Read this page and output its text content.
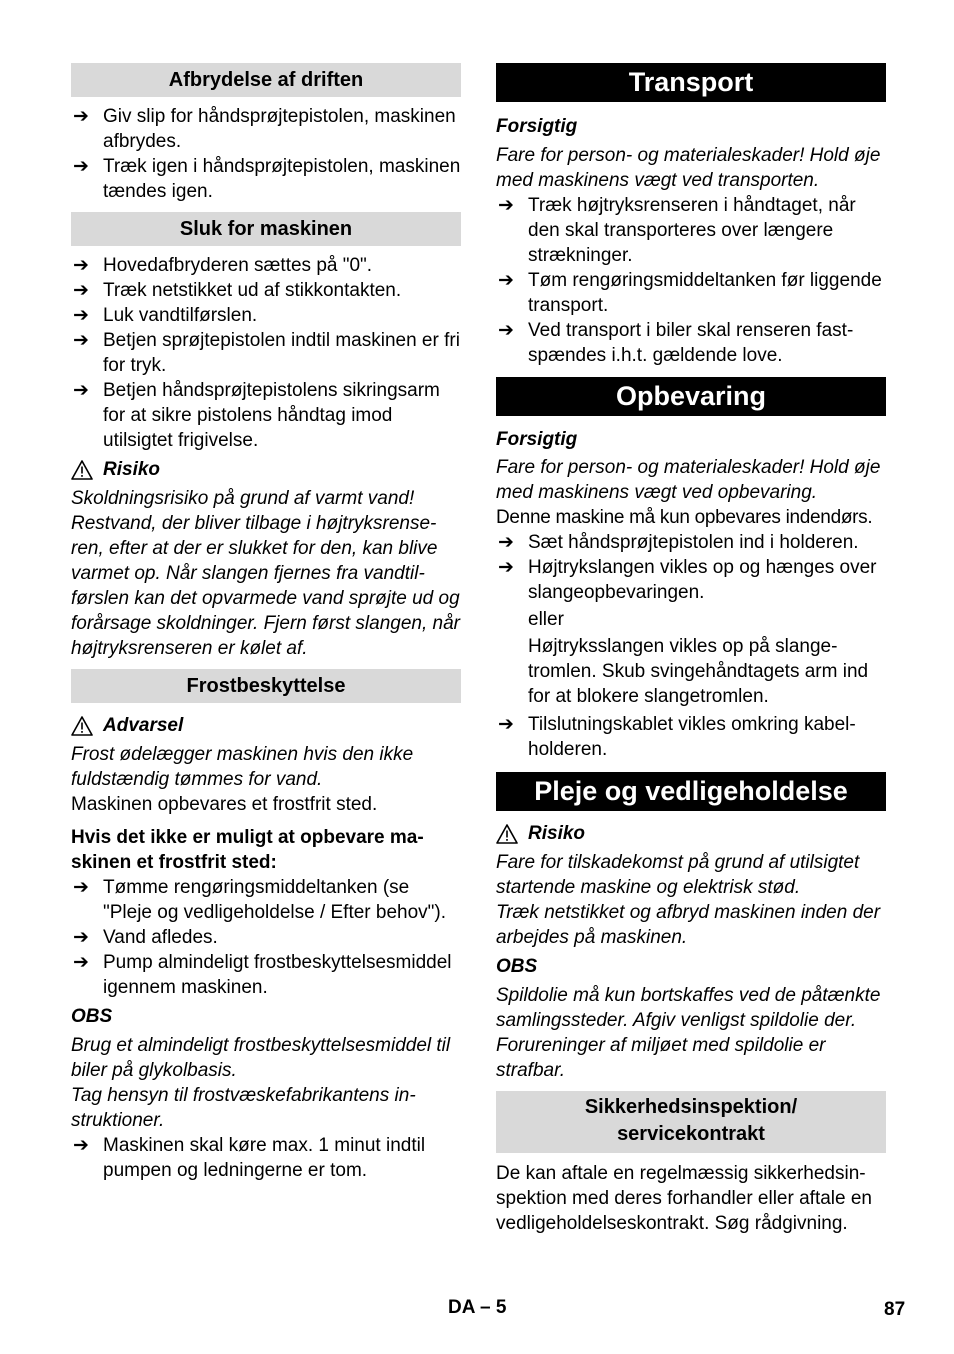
Afbrydelse af driften
➔ Giv slip for håndsprøjtepistolen, maskinen afbrydes.
➔ Træk igen i håndsprøjtepistolen, maskinen tændes igen.
Sluk for maskinen
➔ Hovedafbryderen sættes på "0".
➔ Træk netstikket ud af stikkontakten.
➔ Luk vandtilførslen.
➔ Betjen sprøjtepistolen indtil maskinen er fri for tryk.
➔ Betjen håndsprøjtepistolens sikringsarm for at sikre pistolens håndtag imod utilsigtet frigivelse.
Risiko

Skoldningsrisiko på grund af varmt vand! Restvand, der bliver tilbage i højtryksrenseren, efter at der er slukket for den, kan blive varmet op. Når slangen fjernes fra vandtilførslen kan det opvarmede vand sprøjte ud og forårsage skoldninger. Fjern først slangen, når højtryksrenseren er kølet af.

Frostbeskyttelse
Advarsel

Frost ødelægger maskinen hvis den ikke fuldstændig tømmes for vand.

Maskinen opbevares et frostfrit sted.

Hvis det ikke er muligt at opbevare maskinen et frostfrit sted:

➔ Tømme rengøringsmiddeltanken (se "Pleje og vedligeholdelse / Efter behov").
➔ Vand afledes.
➔ Pump almindeligt frostbeskyttelsesmiddel igennem maskinen.
OBS

Brug et almindeligt frostbeskyttelsesmiddel til biler på glykolbasis.

Tag hensyn til frostvæskefabrikantens instruktioner.

➔ Maskinen skal køre max. 1 minut indtil pumpen og ledningerne er tom.
Transport
Forsigtig

Fare for person- og materialeskader! Hold øje med maskinens vægt ved transporten.

➔ Træk højtryksrenseren i håndtaget, når den skal transporteres over længere strækninger.
➔ Tøm rengøringsmiddeltanken før liggende transport.
➔ Ved transport i biler skal renseren fastspændes i.h.t. gældende love.
Opbevaring
Forsigtig

Fare for person- og materialeskader! Hold øje med maskinens vægt ved opbevaring.

Denne maskine må kun opbevares indendørs.

➔ Sæt håndsprøjtepistolen ind i holderen.
➔ Højtrykslangen vikles op og hænges over slangeopbevaringen.

eller

Højtryksslangen vikles op på slangetromlen. Skub svingehåndtagets arm ind for at blokere slangetromlen.

➔ Tilslutningskablet vikles omkring kabelholderen.
Pleje og vedligeholdelse
Risiko

Fare for tilskadekomst på grund af utilsigtet startende maskine og elektrisk stød.

Træk netstikket og afbryd maskinen inden der arbejdes på maskinen.

OBS

Spildolie må kun bortskaffes ved de påtænkte samlingssteder. Afgiv venligst spildolie der. Forureninger af miljøet med spildolie er strafbar.

Sikkerhedsinspektion/
servicekontrakt

De kan aftale en regelmæssig sikkerhedsinspektion med deres forhandler eller aftale en vedligeholdelseskontrakt. Søg rådgivning.

DA – 5	87
